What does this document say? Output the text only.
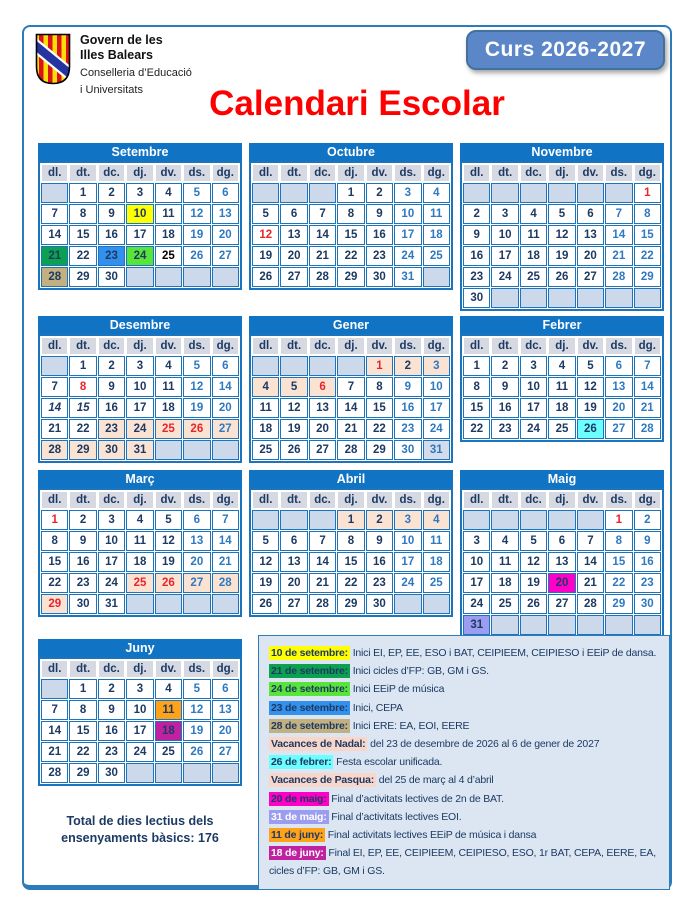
Govern de les
Illes Balears
Conselleria d’Educació
i Universitats
Curs 2026-2027
Calendari Escolar
Setembre
dl.	dt.	dc.	dj.	dv.	ds.	dg.
	1	2	3	4	5	6
7	8	9	10	11	12	13
14	15	16	17	18	19	20
21	22	23	24	25	26	27
28	29	30				
Octubre
dl.	dt.	dc.	dj.	dv.	ds.	dg.
			1	2	3	4
5	6	7	8	9	10	11
12	13	14	15	16	17	18
19	20	21	22	23	24	25
26	27	28	29	30	31	
Novembre
dl.	dt.	dc.	dj.	dv.	ds.	dg.
						1
2	3	4	5	6	7	8
9	10	11	12	13	14	15
16	17	18	19	20	21	22
23	24	25	26	27	28	29
30						
Desembre
dl.	dt.	dc.	dj.	dv.	ds.	dg.
	1	2	3	4	5	6
7	8	9	10	11	12	14
14	15	16	17	18	19	20
21	22	23	24	25	26	27
28	29	30	31			
Gener
dl.	dt.	dc.	dj.	dv.	ds.	dg.
				1	2	3
4	5	6	7	8	9	10
11	12	13	14	15	16	17
18	19	20	21	22	23	24
25	26	27	28	29	30	31
Febrer
dl.	dt.	dc.	dj.	dv.	ds.	dg.
1	2	3	4	5	6	7
8	9	10	11	12	13	14
15	16	17	18	19	20	21
22	23	24	25	26	27	28
Març
dl.	dt.	dc.	dj.	dv.	ds.	dg.
1	2	3	4	5	6	7
8	9	10	11	12	13	14
15	16	17	18	19	20	21
22	23	24	25	26	27	28
29	30	31				
Abril
dl.	dt.	dc.	dj.	dv.	ds.	dg.
			1	2	3	4
5	6	7	8	9	10	11
12	13	14	15	16	17	18
19	20	21	22	23	24	25
26	27	28	29	30		
Maig
dl.	dt.	dc.	dj.	dv.	ds.	dg.
					1	2
3	4	5	6	7	8	9
10	11	12	13	14	15	16
17	18	19	20	21	22	23
24	25	26	27	28	29	30
31						
Total de dies lectius dels
ensenyaments bàsics: 176
10 de setembre: Inici EI, EP, EE, ESO i BAT, CEIPIEEM, CEIPIESO i EEiP de dansa.
21 de setembre: Inici cicles d’FP: GB, GM i GS.
24 de setembre: Inici EEiP de música
23 de setembre: Inici, CEPA
28 de setembre: Inici ERE: EA, EOI, EERE
Vacances de Nadal: del 23 de desembre de 2026 al 6 de gener de 2027
26 de febrer: Festa escolar unificada.
Vacances de Pasqua: del 25 de març al 4 d’abril
20 de maig: Final d’activitats lectives de 2n de BAT.
31 de maig: Final d’activitats lectives EOI.
11 de juny: Final activitats lectives EEiP de música i dansa
18 de juny: Final EI, EP, EE, CEIPIEEM, CEIPIESO, ESO, 1r BAT, CEPA, EERE, EA, cicles d’FP: GB, GM i GS.
Juny
dl.	dt.	dc.	dj.	dv.	ds.	dg.
	1	2	3	4	5	6
7	8	9	10	11	12	13
14	15	16	17	18	19	20
21	22	23	24	25	26	27
28	29	30				
